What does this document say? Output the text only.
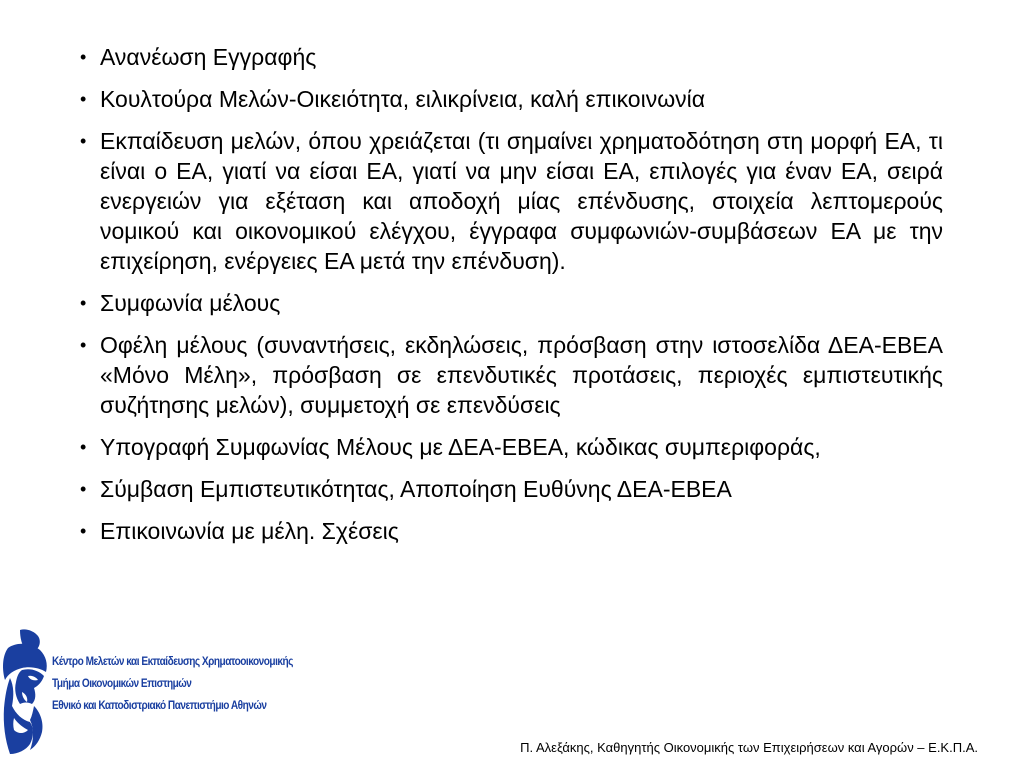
• Ανανέωση Εγγραφής
• Κουλτούρα Μελών-Οικειότητα, ειλικρίνεια, καλή επικοινωνία
• Εκπαίδευση μελών, όπου χρειάζεται (τι σημαίνει χρηματοδότηση στη μορφή ΕΑ, τι είναι ο ΕΑ, γιατί να είσαι ΕΑ, γιατί να μην είσαι ΕΑ, επιλογές για έναν ΕΑ, σειρά ενεργειών για εξέταση και αποδοχή μίας επένδυσης, στοιχεία λεπτομερούς νομικού και οικονομικού ελέγχου, έγγραφα συμφωνιών-συμβάσεων ΕΑ με την επιχείρηση, ενέργειες ΕΑ μετά την επένδυση).
• Συμφωνία μέλους
• Οφέλη μέλους (συναντήσεις, εκδηλώσεις, πρόσβαση στην ιστοσελίδα ΔΕΑ-ΕΒΕΑ «Μόνο Μέλη», πρόσβαση σε επενδυτικές προτάσεις, περιοχές εμπιστευτικής συζήτησης μελών), συμμετοχή σε επενδύσεις
• Υπογραφή Συμφωνίας Μέλους με ΔΕΑ-ΕΒΕΑ, κώδικας συμπεριφοράς,
• Σύμβαση Εμπιστευτικότητας, Αποποίηση Ευθύνης ΔΕΑ-ΕΒΕΑ
• Επικοινωνία με μέλη. Σχέσεις
Κέντρο Μελετών και Εκπαίδευσης Χρηματοοικονομικής
Τμήμα Οικονομικών Επιστημών
Εθνικό και Καποδιστριακό Πανεπιστήμιο Αθηνών
Π. Αλεξάκης, Καθηγητής Οικονομικής των Επιχειρήσεων και Αγορών – Ε.Κ.Π.Α.
